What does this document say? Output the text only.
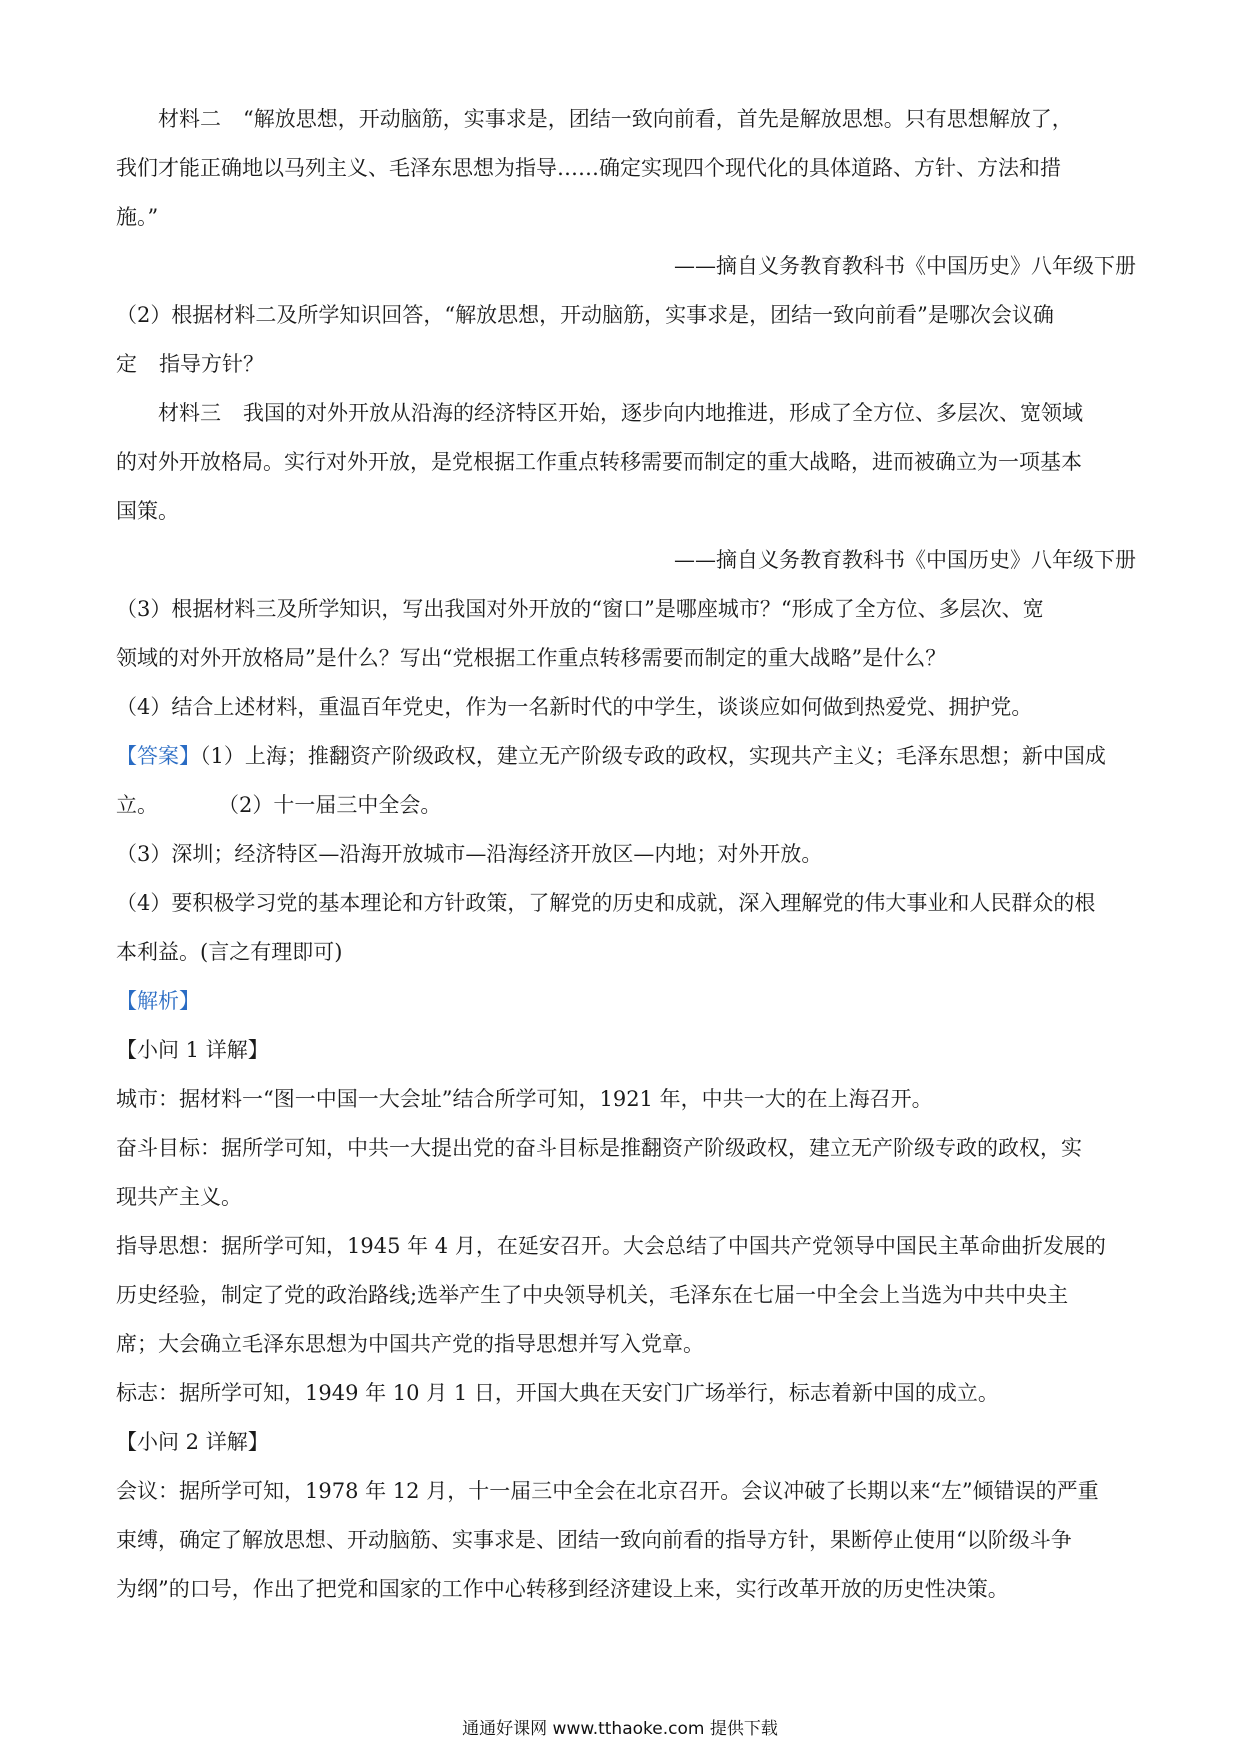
材料二 “解放思想，开动脑筋，实事求是，团结一致向前看，首先是解放思想。只有思想解放了，
我们才能正确地以马列主义、毛泽东思想为指导……确定实现四个现代化的具体道路、方针、方法和措
施。”
——摘自义务教育教科书《中国历史》八年级下册
（2）根据材料二及所学知识回答，“解放思想，开动脑筋，实事求是，团结一致向前看”是哪次会议确
定 指导方针？
材料三 我国的对外开放从沿海的经济特区开始，逐步向内地推进，形成了全方位、多层次、宽领域
的对外开放格局。实行对外开放，是党根据工作重点转移需要而制定的重大战略，进而被确立为一项基本
国策。
——摘自义务教育教科书《中国历史》八年级下册
（3）根据材料三及所学知识，写出我国对外开放的“窗口”是哪座城市？“形成了全方位、多层次、宽
领域的对外开放格局”是什么？写出“党根据工作重点转移需要而制定的重大战略”是什么？
（4）结合上述材料，重温百年党史，作为一名新时代的中学生，谈谈应如何做到热爱党、拥护党。
【答案】（1）上海；推翻资产阶级政权，建立无产阶级专政的政权，实现共产主义；毛泽东思想；新中国成
立。	（2）十一届三中全会。
（3）深圳；经济特区—沿海开放城市—沿海经济开放区—内地；对外开放。
（4）要积极学习党的基本理论和方针政策，了解党的历史和成就，深入理解党的伟大事业和人民群众的根
本利益。(言之有理即可)
【解析】
【小问 1 详解】
城市：据材料一“图一中国一大会址”结合所学可知，1921 年，中共一大的在上海召开。
奋斗目标：据所学可知，中共一大提出党的奋斗目标是推翻资产阶级政权，建立无产阶级专政的政权，实
现共产主义。
指导思想：据所学可知，1945 年 4 月，在延安召开。大会总结了中国共产党领导中国民主革命曲折发展的
历史经验，制定了党的政治路线;选举产生了中央领导机关，毛泽东在七届一中全会上当选为中共中央主
席；大会确立毛泽东思想为中国共产党的指导思想并写入党章。
标志：据所学可知，1949 年 10 月 1 日，开国大典在天安门广场举行，标志着新中国的成立。
【小问 2 详解】
会议：据所学可知，1978 年 12 月，十一届三中全会在北京召开。会议冲破了长期以来“左”倾错误的严重
束缚，确定了解放思想、开动脑筋、实事求是、团结一致向前看的指导方针，果断停止使用“以阶级斗争
为纲”的口号，作出了把党和国家的工作中心转移到经济建设上来，实行改革开放的历史性决策。
通通好课网 www.tthaoke.com 提供下载
